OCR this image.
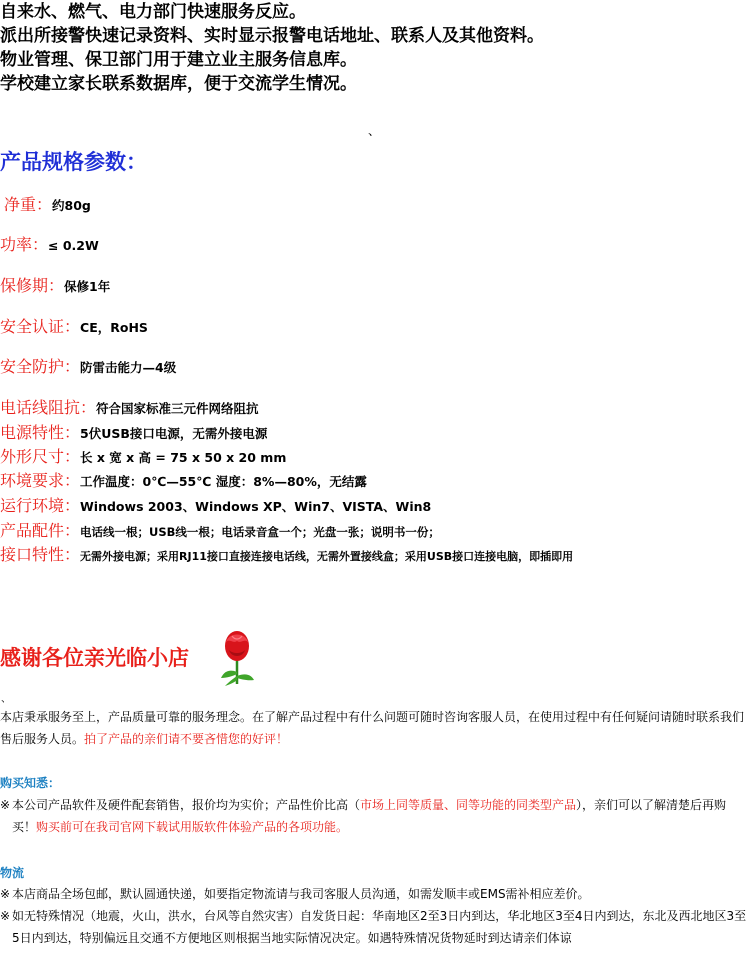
自来水、燃气、电力部门快速服务反应。

派出所接警快速记录资料、实时显示报警电话地址、联系人及其他资料。

物业管理、保卫部门用于建立业主服务信息库。

学校建立家长联系数据库，便于交流学生情况。

、
产品规格参数：
净重：约80g
功率：≤ 0.2W
保修期：保修1年
安全认证：CE，RoHS
安全防护：防雷击能力—4级
电话线阻抗：符合国家标准三元件网络阻抗
电源特性：5伏USB接口电源，无需外接电源
外形尺寸：长 x 宽 x 高 = 75 x 50 x 20 mm
环境要求：工作温度：0℃—55℃ 湿度：8%—80%，无结露
运行环境：Windows 2003、Windows XP、Win7、VISTA、Win8
产品配件：电话线一根；USB线一根；电话录音盒一个；光盘一张；说明书一份；
接口特性：无需外接电源；采用RJ11接口直接连接电话线，无需外置接线盒；采用USB接口连接电脑，即插即用
感谢各位亲光临小店
、

本店秉承服务至上，产品质量可靠的服务理念。在了解产品过程中有什么问题可随时咨询客服人员，在使用过程中有任何疑问请随时联系我们售后服务人员。拍了产品的亲们请不要吝惜您的好评！

购买知悉：
※ 本公司产品软件及硬件配套销售，报价均为实价；产品性价比高（市场上同等质量、同等功能的同类型产品），亲们可以了解清楚后再购买！购买前可在我司官网下载试用版软件体验产品的各项功能。
物流
※ 本店商品全场包邮，默认圆通快递，如要指定物流请与我司客服人员沟通，如需发顺丰或EMS需补相应差价。
※ 如无特殊情况（地震，火山，洪水，台风等自然灾害）自发货日起：华南地区2至3日内到达，华北地区3至4日内到达，东北及西北地区3至5日内到达，特别偏远且交通不方便地区则根据当地实际情况决定。如遇特殊情况货物延时到达请亲们体谅
